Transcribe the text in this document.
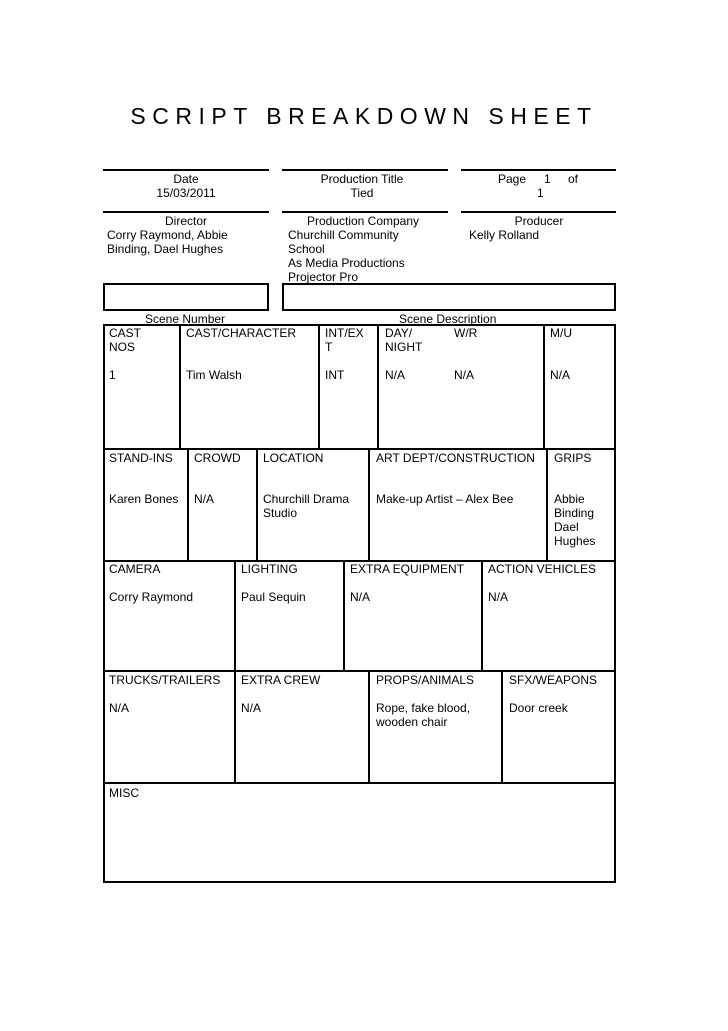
SCRIPT BREAKDOWN SHEET
Date
15/03/2011
Production Title
Tied
Page 1 of
1
Director
Corry Raymond, Abbie
Binding, Dael Hughes
Production Company
Churchill Community
School
As Media Productions
Projector Pro
Producer
Kelly Rolland
Scene Number	Scene Description
CAST
NOS
1
CAST/CHARACTER
Tim Walsh
INT/EX
T
INT
DAY/
NIGHT
N/A
W/R
N/A
M/U
N/A
STAND-INS
Karen Bones
CROWD
N/A
LOCATION
Churchill Drama
Studio
ART DEPT/CONSTRUCTION
Make-up Artist – Alex Bee
GRIPS
Abbie
Binding
Dael
Hughes
CAMERA
Corry Raymond
LIGHTING
Paul Sequin
EXTRA EQUIPMENT
N/A
ACTION VEHICLES
N/A
TRUCKS/TRAILERS
N/A
EXTRA CREW
N/A
PROPS/ANIMALS
Rope, fake blood,
wooden chair
SFX/WEAPONS
Door creek
MISC
